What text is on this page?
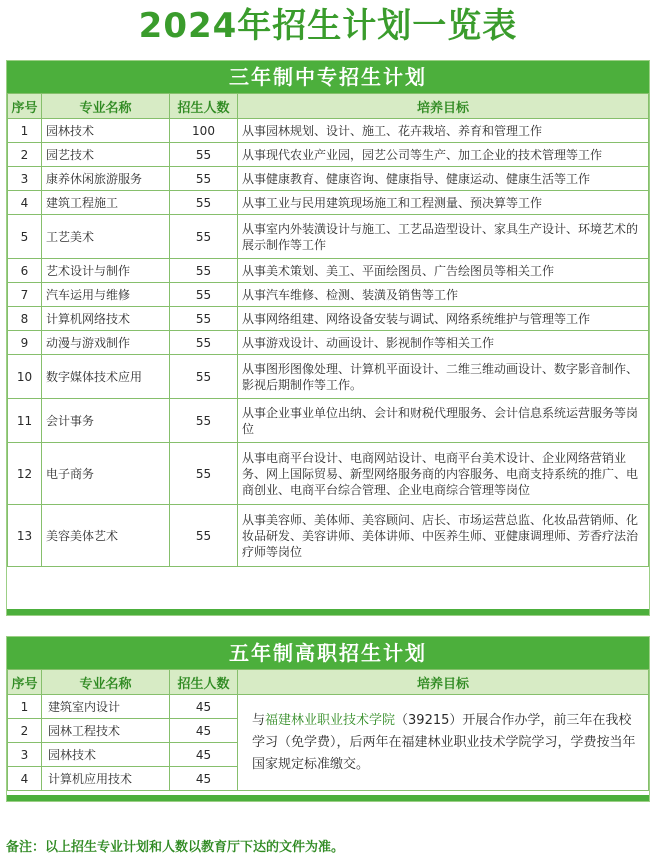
2024年招生计划一览表
三年制中专招生计划
序号	专业名称	招生人数	培养目标
1	园林技术	100	从事园林规划、设计、施工、花卉栽培、养育和管理工作
2	园艺技术	55	从事现代农业产业园，园艺公司等生产、加工企业的技术管理等工作
3	康养休闲旅游服务	55	从事健康教育、健康咨询、健康指导、健康运动、健康生活等工作
4	建筑工程施工	55	从事工业与民用建筑现场施工和工程测量、预决算等工作
5	工艺美术	55	从事室内外装潢设计与施工、工艺品造型设计、家具生产设计、环境艺术的展示制作等工作
6	艺术设计与制作	55	从事美术策划、美工、平面绘图员、广告绘图员等相关工作
7	汽车运用与维修	55	从事汽车维修、检测、装潢及销售等工作
8	计算机网络技术	55	从事网络组建、网络设备安装与调试、网络系统维护与管理等工作
9	动漫与游戏制作	55	从事游戏设计、动画设计、影视制作等相关工作
10	数字媒体技术应用	55	从事图形图像处理、计算机平面设计、二维三维动画设计、数字影音制作、影视后期制作等工作。
11	会计事务	55	从事企业事业单位出纳、会计和财税代理服务、会计信息系统运营服务等岗位
12	电子商务	55	从事电商平台设计、电商网站设计、电商平台美术设计、企业网络营销业务、网上国际贸易、新型网络服务商的内容服务、电商支持系统的推广、电商创业、电商平台综合管理、企业电商综合管理等岗位
13	美容美体艺术	55	从事美容师、美体师、美容顾问、店长、市场运营总监、化妆品营销师、化妆品研发、美容讲师、美体讲师、中医养生师、亚健康调理师、芳香疗法治疗师等岗位
五年制高职招生计划
序号	专业名称	招生人数	培养目标
1	建筑室内设计	45	与福建林业职业技术学院（39215）开展合作办学，前三年在我校学习（免学费），后两年在福建林业职业技术学院学习，学费按当年国家规定标准缴交。
2	园林工程技术	45	
3	园林技术	45	
4	计算机应用技术	45	
备注：以上招生专业计划和人数以教育厅下达的文件为准。
